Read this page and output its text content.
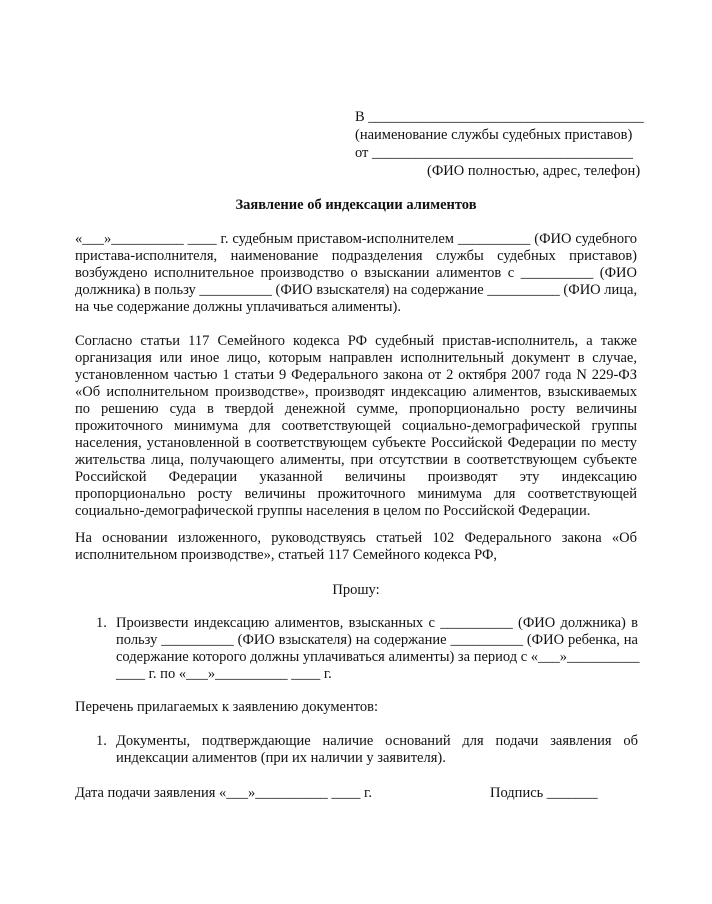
В ______________________________________
(наименование службы судебных приставов)
от ____________________________________
(ФИО полностью, адрес, телефон)
Заявление об индексации алиментов
«___»__________ ____ г. судебным приставом-исполнителем __________ (ФИО судебного
пристава-исполнителя, наименование подразделения службы судебных приставов)
возбуждено исполнительное производство о взыскании алиментов с __________ (ФИО
должника) в пользу __________ (ФИО взыскателя) на содержание __________ (ФИО лица,
на чье содержание должны уплачиваться алименты).
Согласно статьи 117 Семейного кодекса РФ судебный пристав-исполнитель, а также
организация или иное лицо, которым направлен исполнительный документ в случае,
установленном частью 1 статьи 9 Федерального закона от 2 октября 2007 года N 229-ФЗ
«Об исполнительном производстве», производят индексацию алиментов, взыскиваемых
по решению суда в твердой денежной сумме, пропорционально росту величины
прожиточного минимума для соответствующей социально-демографической группы
населения, установленной в соответствующем субъекте Российской Федерации по месту
жительства лица, получающего алименты, при отсутствии в соответствующем субъекте
Российской Федерации указанной величины производят эту индексацию
пропорционально росту величины прожиточного минимума для соответствующей
социально-демографической группы населения в целом по Российской Федерации.
На основании изложенного, руководствуясь статьей 102 Федерального закона «Об
исполнительном производстве», статьей 117 Семейного кодекса РФ,
Прошу:
1. Произвести индексацию алиментов, взысканных с __________ (ФИО должника) в
пользу __________ (ФИО взыскателя) на содержание __________ (ФИО ребенка, на
содержание которого должны уплачиваться алименты) за период с «___»__________
____ г. по «___»__________ ____ г.
Перечень прилагаемых к заявлению документов:
1. Документы, подтверждающие наличие оснований для подачи заявления об
индексации алиментов (при их наличии у заявителя).
Дата подачи заявления «___»__________ ____ г.	Подпись _______
